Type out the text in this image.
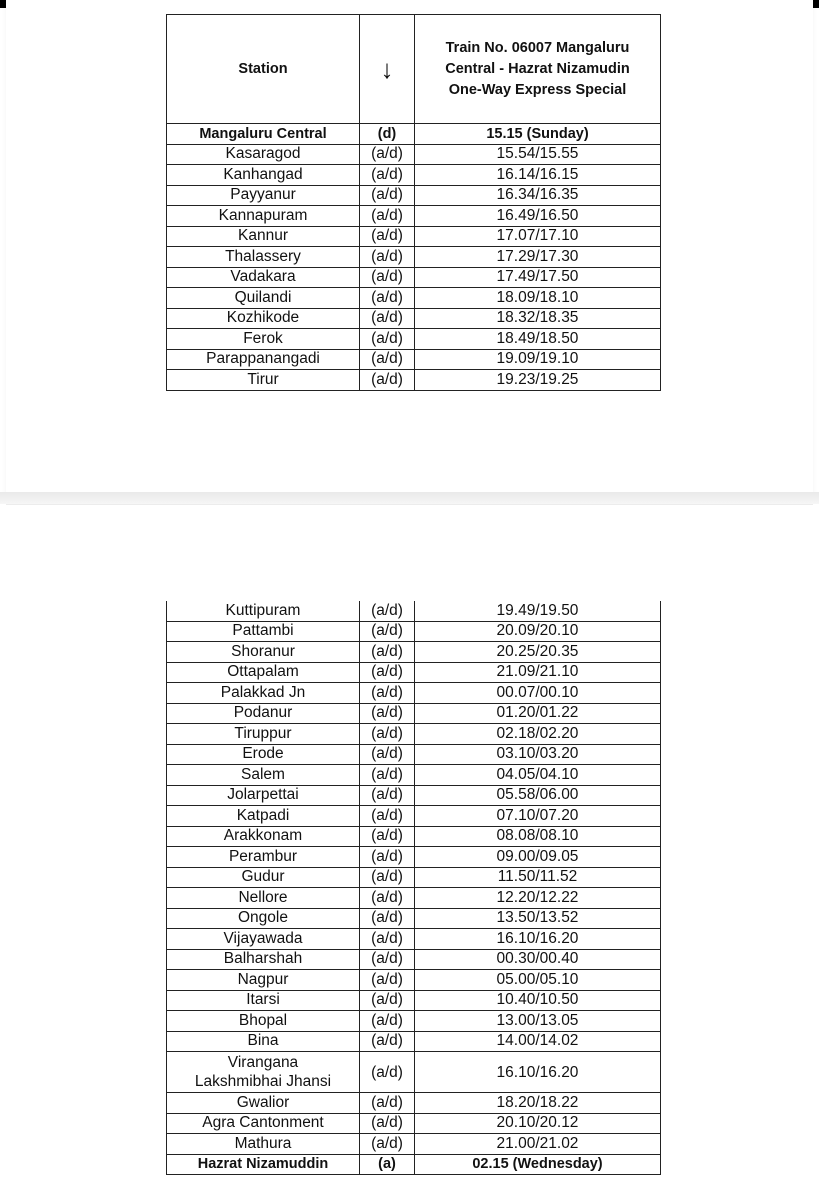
Station	↓	Train No. 06007 Mangaluru
Central - Hazrat Nizamudin
One-Way Express Special

Mangaluru Central	(d)	15.15 (Sunday)
Kasaragod	(a/d)	15.54/15.55
Kanhangad	(a/d)	16.14/16.15
Payyanur	(a/d)	16.34/16.35
Kannapuram	(a/d)	16.49/16.50
Kannur	(a/d)	17.07/17.10
Thalassery	(a/d)	17.29/17.30
Vadakara	(a/d)	17.49/17.50
Quilandi	(a/d)	18.09/18.10
Kozhikode	(a/d)	18.32/18.35
Ferok	(a/d)	18.49/18.50
Parappanangadi	(a/d)	19.09/19.10
Tirur	(a/d)	19.23/19.25
Kuttipuram	(a/d)	19.49/19.50
Pattambi	(a/d)	20.09/20.10
Shoranur	(a/d)	20.25/20.35
Ottapalam	(a/d)	21.09/21.10
Palakkad Jn	(a/d)	00.07/00.10
Podanur	(a/d)	01.20/01.22
Tiruppur	(a/d)	02.18/02.20
Erode	(a/d)	03.10/03.20
Salem	(a/d)	04.05/04.10
Jolarpettai	(a/d)	05.58/06.00
Katpadi	(a/d)	07.10/07.20
Arakkonam	(a/d)	08.08/08.10
Perambur	(a/d)	09.00/09.05
Gudur	(a/d)	11.50/11.52
Nellore	(a/d)	12.20/12.22
Ongole	(a/d)	13.50/13.52
Vijayawada	(a/d)	16.10/16.20
Balharshah	(a/d)	00.30/00.40
Nagpur	(a/d)	05.00/05.10
Itarsi	(a/d)	10.40/10.50
Bhopal	(a/d)	13.00/13.05
Bina	(a/d)	14.00/14.02

Virangana
Lakshmibhai Jhansi	(a/d)	16.10/16.20
Gwalior	(a/d)	18.20/18.22
Agra Cantonment	(a/d)	20.10/20.12
Mathura	(a/d)	21.00/21.02
Hazrat Nizamuddin	(a)	02.15 (Wednesday)
